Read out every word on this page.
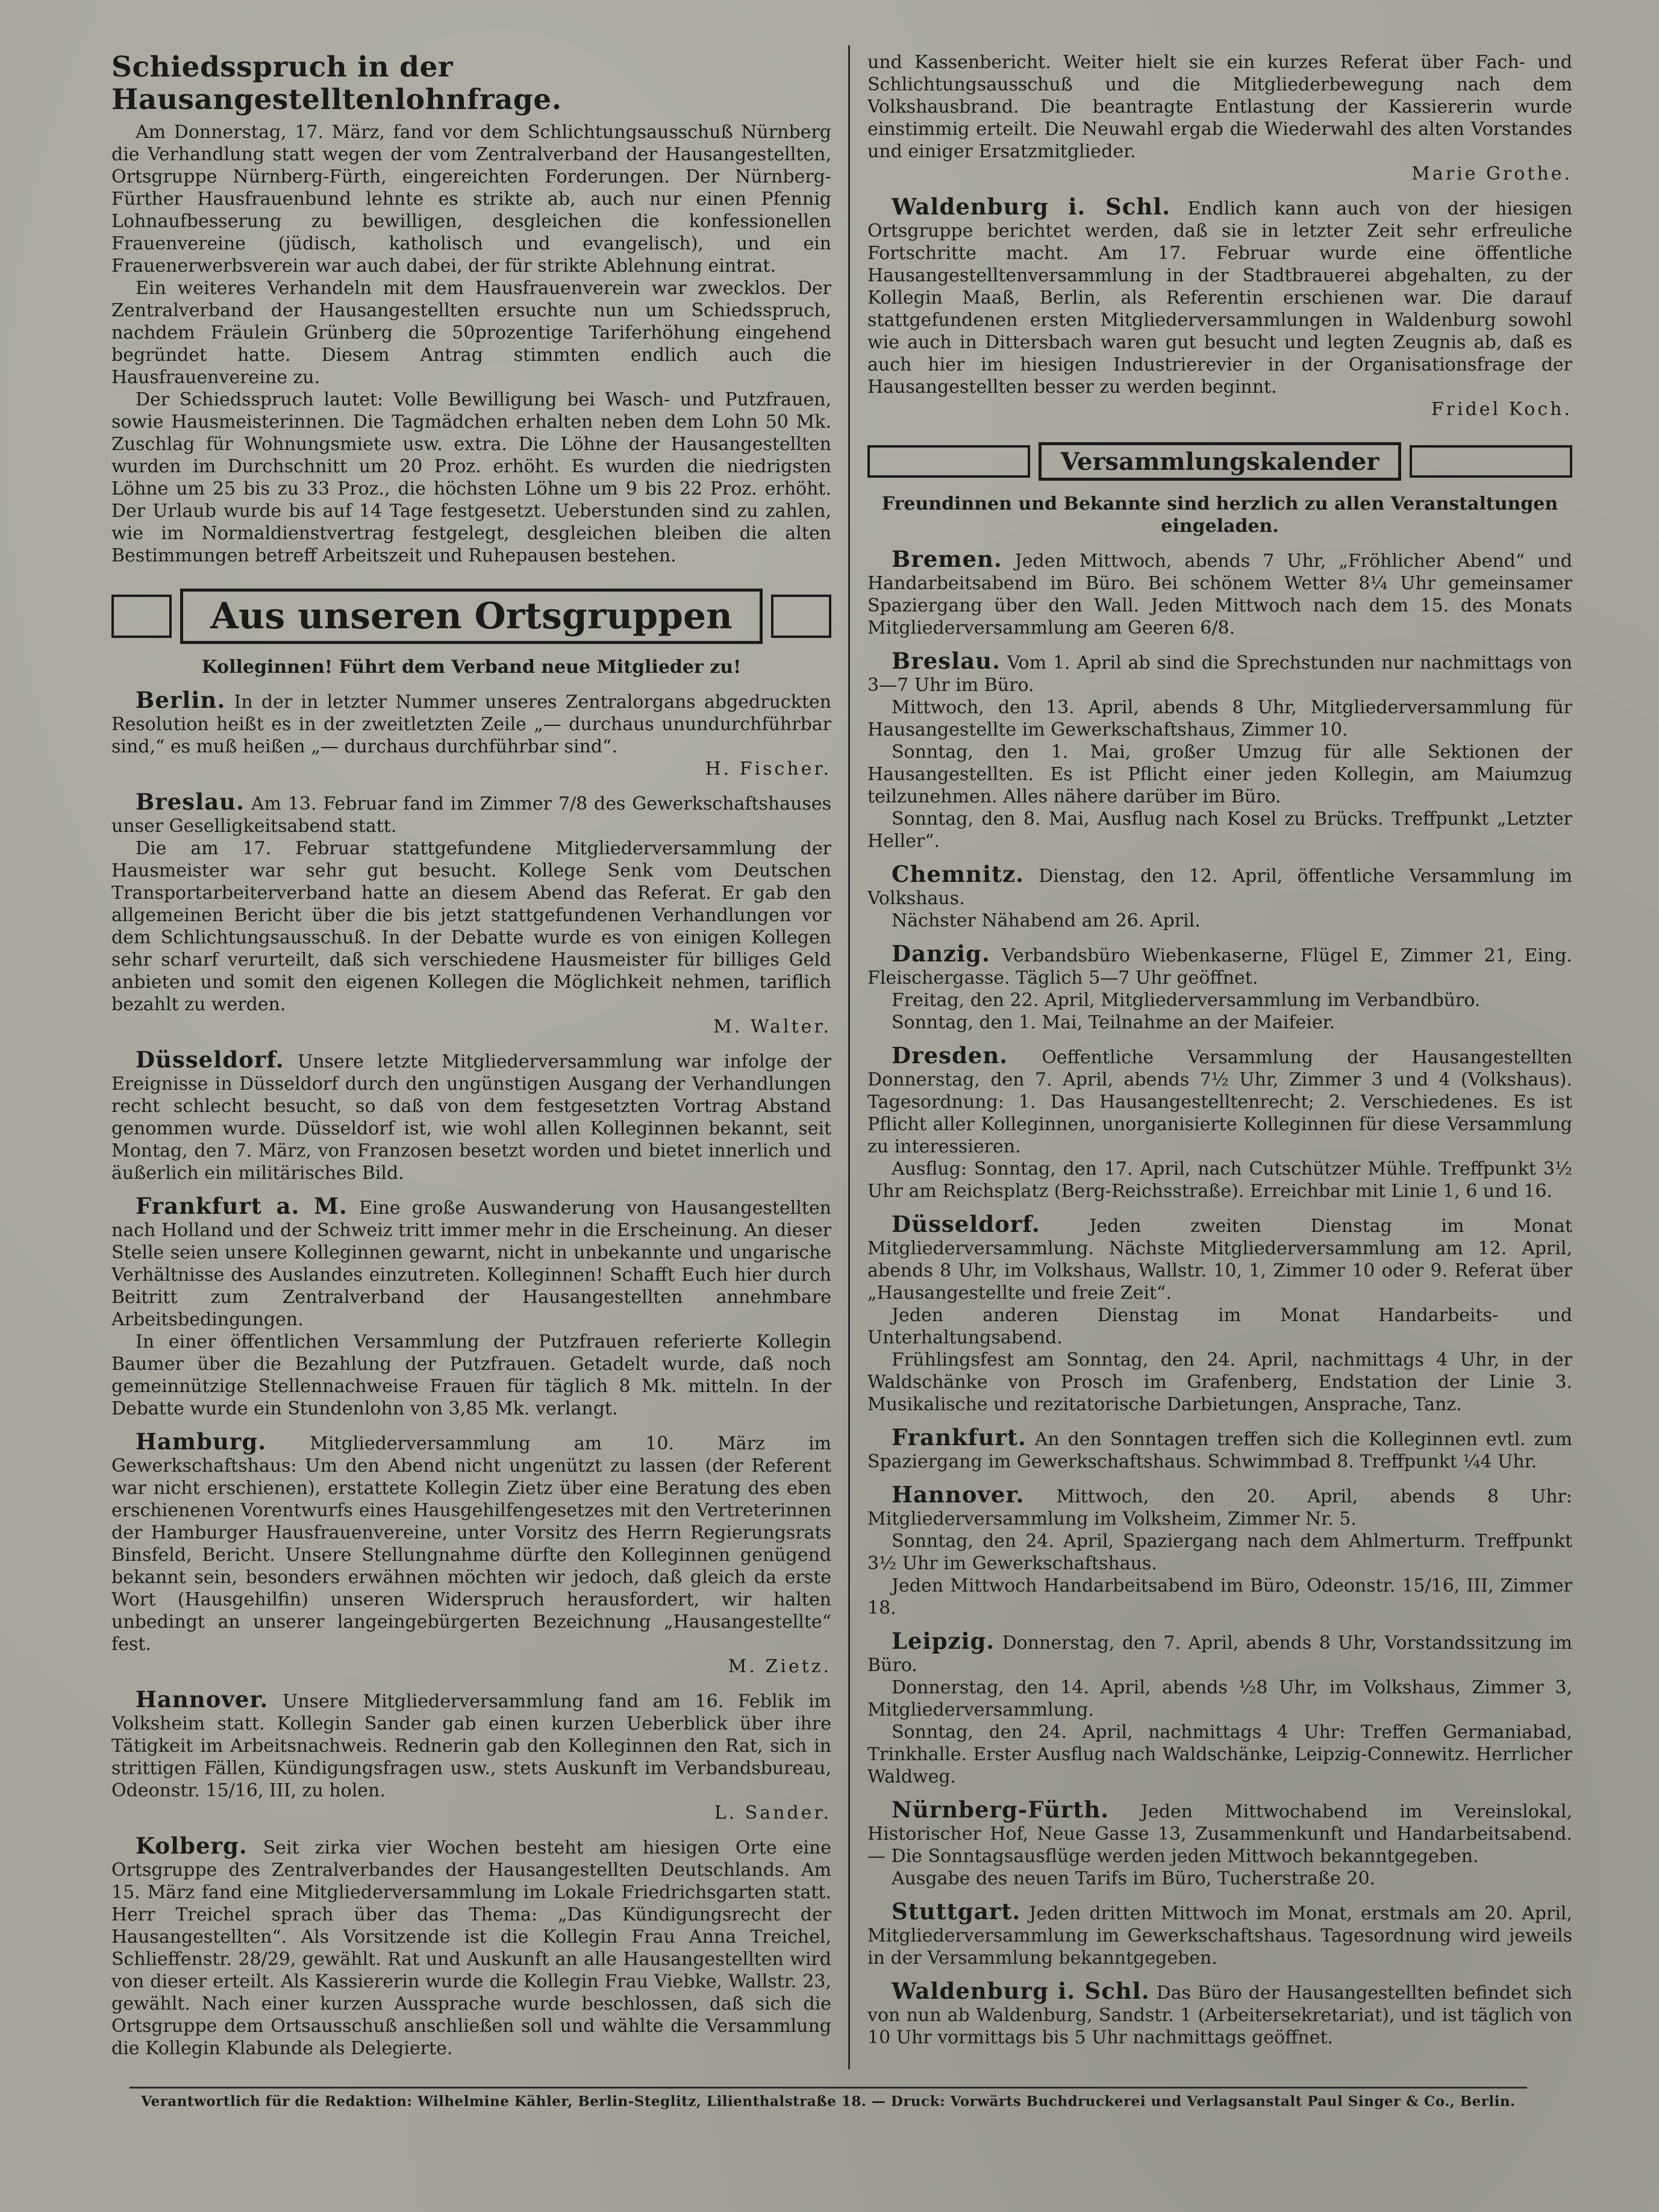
Schiedsspruch in der Hausangestelltenlohnfrage.

Am Donnerstag, 17. März, fand vor dem Schlichtungsausschuß Nürnberg die Verhandlung statt wegen der vom Zentralverband der Hausangestellten, Ortsgruppe Nürnberg-Fürth, eingereichten Forderungen. Der Nürnberg-Fürther Hausfrauenbund lehnte es strikte ab, auch nur einen Pfennig Lohnaufbesserung zu bewilligen, desgleichen die konfessionellen Frauenvereine (jüdisch, katholisch und evangelisch), und ein Frauenerwerbsverein war auch dabei, der für strikte Ablehnung eintrat.

Ein weiteres Verhandeln mit dem Hausfrauenverein war zwecklos. Der Zentralverband der Hausangestellten ersuchte nun um Schiedsspruch, nachdem Fräulein Grünberg die 50prozentige Tariferhöhung eingehend begründet hatte. Diesem Antrag stimmten endlich auch die Hausfrauenvereine zu.

Der Schiedsspruch lautet: Volle Bewilligung bei Wasch- und Putzfrauen, sowie Hausmeisterinnen. Die Tagmädchen erhalten neben dem Lohn 50 Mk. Zuschlag für Wohnungsmiete usw. extra. Die Löhne der Hausangestellten wurden im Durchschnitt um 20 Proz. erhöht. Es wurden die niedrigsten Löhne um 25 bis zu 33 Proz., die höchsten Löhne um 9 bis 22 Proz. erhöht. Der Urlaub wurde bis auf 14 Tage festgesetzt. Ueberstunden sind zu zahlen, wie im Normaldienstvertrag festgelegt, desgleichen bleiben die alten Bestimmungen betreff Arbeitszeit und Ruhepausen bestehen.

Aus unseren Ortsgruppen

Kolleginnen! Führt dem Verband neue Mitglieder zu!

Berlin. In der in letzter Nummer unseres Zentralorgans abgedruckten Resolution heißt es in der zweitletzten Zeile „— durchaus unundurchführbar sind,“ es muß heißen „— durchaus durchführbar sind“.

H. Fischer.

Breslau. Am 13. Februar fand im Zimmer 7/8 des Gewerkschaftshauses unser Geselligkeitsabend statt.

Die am 17. Februar stattgefundene Mitgliederversammlung der Hausmeister war sehr gut besucht. Kollege Senk vom Deutschen Transportarbeiterverband hatte an diesem Abend das Referat. Er gab den allgemeinen Bericht über die bis jetzt stattgefundenen Verhandlungen vor dem Schlichtungsausschuß. In der Debatte wurde es von einigen Kollegen sehr scharf verurteilt, daß sich verschiedene Hausmeister für billiges Geld anbieten und somit den eigenen Kollegen die Möglichkeit nehmen, tariflich bezahlt zu werden.

M. Walter.

Düsseldorf. Unsere letzte Mitgliederversammlung war infolge der Ereignisse in Düsseldorf durch den ungünstigen Ausgang der Verhandlungen recht schlecht besucht, so daß von dem festgesetzten Vortrag Abstand genommen wurde. Düsseldorf ist, wie wohl allen Kolleginnen bekannt, seit Montag, den 7. März, von Franzosen besetzt worden und bietet innerlich und äußerlich ein militärisches Bild.

Frankfurt a. M. Eine große Auswanderung von Hausangestellten nach Holland und der Schweiz tritt immer mehr in die Erscheinung. An dieser Stelle seien unsere Kolleginnen gewarnt, nicht in unbekannte und ungarische Verhältnisse des Auslandes einzutreten. Kolleginnen! Schafft Euch hier durch Beitritt zum Zentralverband der Hausangestellten annehmbare Arbeitsbedingungen.

In einer öffentlichen Versammlung der Putzfrauen referierte Kollegin Baumer über die Bezahlung der Putzfrauen. Getadelt wurde, daß noch gemeinnützige Stellennachweise Frauen für täglich 8 Mk. mitteln. In der Debatte wurde ein Stundenlohn von 3,85 Mk. verlangt.

Hamburg. Mitgliederversammlung am 10. März im Gewerkschaftshaus: Um den Abend nicht ungenützt zu lassen (der Referent war nicht erschienen), erstattete Kollegin Zietz über eine Beratung des eben erschienenen Vorentwurfs eines Hausgehilfengesetzes mit den Vertreterinnen der Hamburger Hausfrauenvereine, unter Vorsitz des Herrn Regierungsrats Binsfeld, Bericht. Unsere Stellungnahme dürfte den Kolleginnen genügend bekannt sein, besonders erwähnen möchten wir jedoch, daß gleich da erste Wort (Hausgehilfin) unseren Widerspruch herausfordert, wir halten unbedingt an unserer langeingebürgerten Bezeichnung „Hausangestellte“ fest.

M. Zietz.

Hannover. Unsere Mitgliederversammlung fand am 16. Feblik im Volksheim statt. Kollegin Sander gab einen kurzen Ueberblick über ihre Tätigkeit im Arbeitsnachweis. Rednerin gab den Kolleginnen den Rat, sich in strittigen Fällen, Kündigungsfragen usw., stets Auskunft im Verbandsbureau, Odeonstr. 15/16, III, zu holen.

L. Sander.

Kolberg. Seit zirka vier Wochen besteht am hiesigen Orte eine Ortsgruppe des Zentralverbandes der Hausangestellten Deutschlands. Am 15. März fand eine Mitgliederversammlung im Lokale Friedrichsgarten statt. Herr Treichel sprach über das Thema: „Das Kündigungsrecht der Hausangestellten“. Als Vorsitzende ist die Kollegin Frau Anna Treichel, Schlieffenstr. 28/29, gewählt. Rat und Auskunft an alle Hausangestellten wird von dieser erteilt. Als Kassiererin wurde die Kollegin Frau Viebke, Wallstr. 23, gewählt. Nach einer kurzen Aussprache wurde beschlossen, daß sich die Ortsgruppe dem Ortsausschuß anschließen soll und wählte die Versammlung die Kollegin Klabunde als Delegierte.

und Kassenbericht. Weiter hielt sie ein kurzes Referat über Fach- und Schlichtungsausschuß und die Mitgliederbewegung nach dem Volkshausbrand. Die beantragte Entlastung der Kassiererin wurde einstimmig erteilt. Die Neuwahl ergab die Wiederwahl des alten Vorstandes und einiger Ersatzmitglieder.

Marie Grothe.

Waldenburg i. Schl. Endlich kann auch von der hiesigen Ortsgruppe berichtet werden, daß sie in letzter Zeit sehr erfreuliche Fortschritte macht. Am 17. Februar wurde eine öffentliche Hausangestelltenversammlung in der Stadtbrauerei abgehalten, zu der Kollegin Maaß, Berlin, als Referentin erschienen war. Die darauf stattgefundenen ersten Mitgliederversammlungen in Waldenburg sowohl wie auch in Dittersbach waren gut besucht und legten Zeugnis ab, daß es auch hier im hiesigen Industrierevier in der Organisationsfrage der Hausangestellten besser zu werden beginnt.

Fridel Koch.
Versammlungskalender

Freundinnen und Bekannte sind herzlich zu allen Veranstaltungen eingeladen.

Bremen. Jeden Mittwoch, abends 7 Uhr, „Fröhlicher Abend“ und Handarbeitsabend im Büro. Bei schönem Wetter 8¼ Uhr gemeinsamer Spaziergang über den Wall. Jeden Mittwoch nach dem 15. des Monats Mitgliederversammlung am Geeren 6/8.

Breslau. Vom 1. April ab sind die Sprechstunden nur nachmittags von 3—7 Uhr im Büro.

Mittwoch, den 13. April, abends 8 Uhr, Mitgliederversammlung für Hausangestellte im Gewerkschaftshaus, Zimmer 10.

Sonntag, den 1. Mai, großer Umzug für alle Sektionen der Hausangestellten. Es ist Pflicht einer jeden Kollegin, am Maiumzug teilzunehmen. Alles nähere darüber im Büro.

Sonntag, den 8. Mai, Ausflug nach Kosel zu Brücks. Treffpunkt „Letzter Heller“.

Chemnitz. Dienstag, den 12. April, öffentliche Versammlung im Volkshaus.

Nächster Nähabend am 26. April.

Danzig. Verbandsbüro Wiebenkaserne, Flügel E, Zimmer 21, Eing. Fleischergasse. Täglich 5—7 Uhr geöffnet.

Freitag, den 22. April, Mitgliederversammlung im Verbandbüro.

Sonntag, den 1. Mai, Teilnahme an der Maifeier.

Dresden. Oeffentliche Versammlung der Hausangestellten Donnerstag, den 7. April, abends 7½ Uhr, Zimmer 3 und 4 (Volkshaus). Tagesordnung: 1. Das Hausangestelltenrecht; 2. Verschiedenes. Es ist Pflicht aller Kolleginnen, unorganisierte Kolleginnen für diese Versammlung zu interessieren.

Ausflug: Sonntag, den 17. April, nach Cutschützer Mühle. Treffpunkt 3½ Uhr am Reichsplatz (Berg-Reichsstraße). Erreichbar mit Linie 1, 6 und 16.

Düsseldorf.	Jeden zweiten Dienstag im Monat Mitgliederversammlung. Nächste Mitgliederversammlung am 12. April, abends 8 Uhr, im Volkshaus, Wallstr. 10, 1, Zimmer 10 oder 9. Referat über „Hausangestellte und freie Zeit“.

Jeden anderen Dienstag im Monat Handarbeits- und Unterhaltungsabend.

Frühlingsfest am Sonntag, den 24. April, nachmittags 4 Uhr, in der Waldschänke von Prosch im Grafenberg, Endstation der Linie 3. Musikalische und rezitatorische Darbietungen, Ansprache, Tanz.

Frankfurt. An den Sonntagen treffen sich die Kolleginnen evtl. zum Spaziergang im Gewerkschaftshaus. Schwimmbad 8. Treffpunkt ¼4 Uhr.

Hannover. Mittwoch, den 20. April, abends 8 Uhr: Mitgliederversammlung im Volksheim, Zimmer Nr. 5.

Sonntag, den 24. April, Spaziergang nach dem Ahlmerturm. Treffpunkt 3½ Uhr im Gewerkschaftshaus.

Jeden Mittwoch Handarbeitsabend im Büro, Odeonstr. 15/16, III, Zimmer 18.

Leipzig. Donnerstag, den 7. April, abends 8 Uhr, Vorstandssitzung im Büro.

Donnerstag, den 14. April, abends ½8 Uhr, im Volkshaus, Zimmer 3, Mitgliederversammlung.

Sonntag, den 24. April, nachmittags 4 Uhr: Treffen Germaniabad, Trinkhalle. Erster Ausflug nach Waldschänke, Leipzig-Connewitz. Herrlicher Waldweg.

Nürnberg-Fürth. Jeden Mittwochabend im Vereinslokal, Historischer Hof, Neue Gasse 13, Zusammenkunft und Handarbeitsabend. — Die Sonntagsausflüge werden jeden Mittwoch bekanntgegeben.

Ausgabe des neuen Tarifs im Büro, Tucherstraße 20.

Stuttgart. Jeden dritten Mittwoch im Monat, erstmals am 20. April, Mitgliederversammlung im Gewerkschaftshaus. Tagesordnung wird jeweils in der Versammlung bekanntgegeben.

Waldenburg i. Schl. Das Büro der Hausangestellten befindet sich von nun ab Waldenburg, Sandstr. 1 (Arbeitersekretariat), und ist täglich von 10 Uhr vormittags bis 5 Uhr nachmittags geöffnet.

Verantwortlich für die Redaktion: Wilhelmine Kähler, Berlin-Steglitz, Lilienthalstraße 18. — Druck: Vorwärts Buchdruckerei und Verlagsanstalt Paul Singer & Co., Berlin.
